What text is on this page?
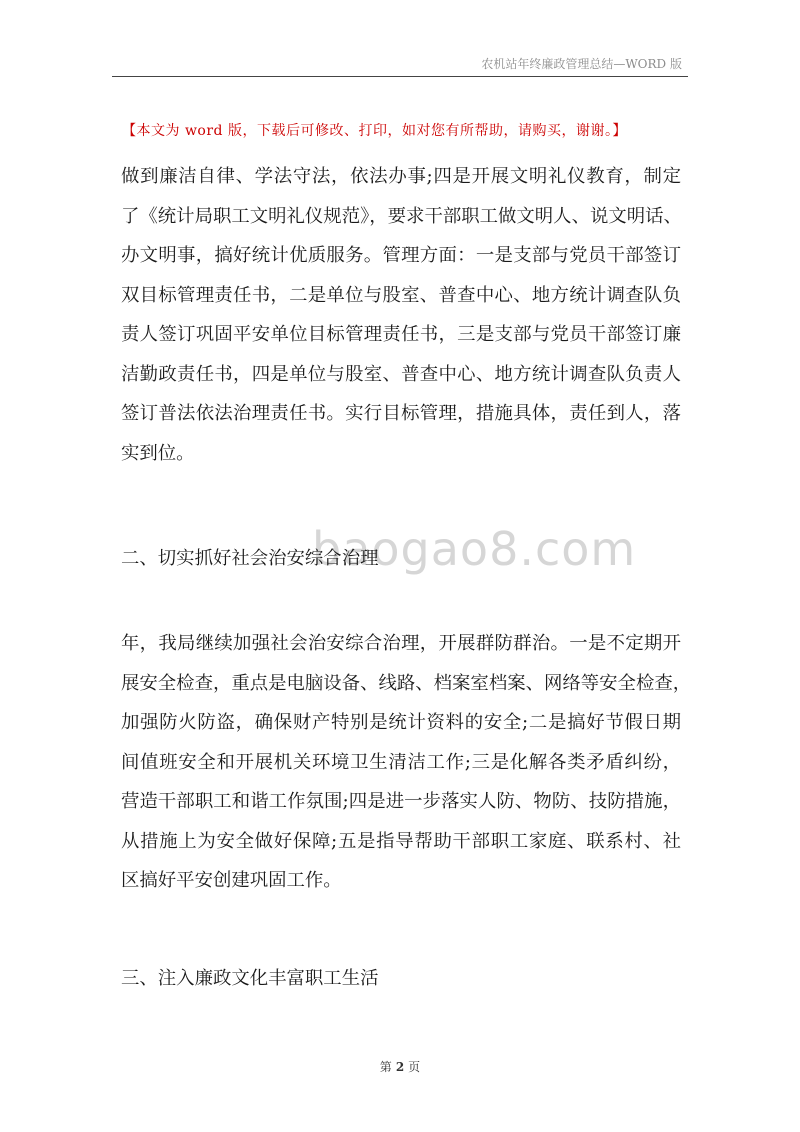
农机站年终廉政管理总结—WORD 版
【本文为 word 版，下载后可修改、打印，如对您有所帮助，请购买，谢谢。】
做到廉洁自律、学法守法，依法办事;四是开展文明礼仪教育，制定
了《统计局职工文明礼仪规范》，要求干部职工做文明人、说文明话、
办文明事，搞好统计优质服务。管理方面：一是支部与党员干部签订
双目标管理责任书，二是单位与股室、普查中心、地方统计调查队负
责人签订巩固平安单位目标管理责任书，三是支部与党员干部签订廉
洁勤政责任书，四是单位与股室、普查中心、地方统计调查队负责人
签订普法依法治理责任书。实行目标管理，措施具体，责任到人，落
实到位。
baogao8.com
二、切实抓好社会治安综合治理
年，我局继续加强社会治安综合治理，开展群防群治。一是不定期开
展安全检查，重点是电脑设备、线路、档案室档案、网络等安全检查，
加强防火防盗，确保财产特别是统计资料的安全;二是搞好节假日期
间值班安全和开展机关环境卫生清洁工作;三是化解各类矛盾纠纷，
营造干部职工和谐工作氛围;四是进一步落实人防、物防、技防措施，
从措施上为安全做好保障;五是指导帮助干部职工家庭、联系村、社
区搞好平安创建巩固工作。
三、注入廉政文化丰富职工生活
第 2 页
